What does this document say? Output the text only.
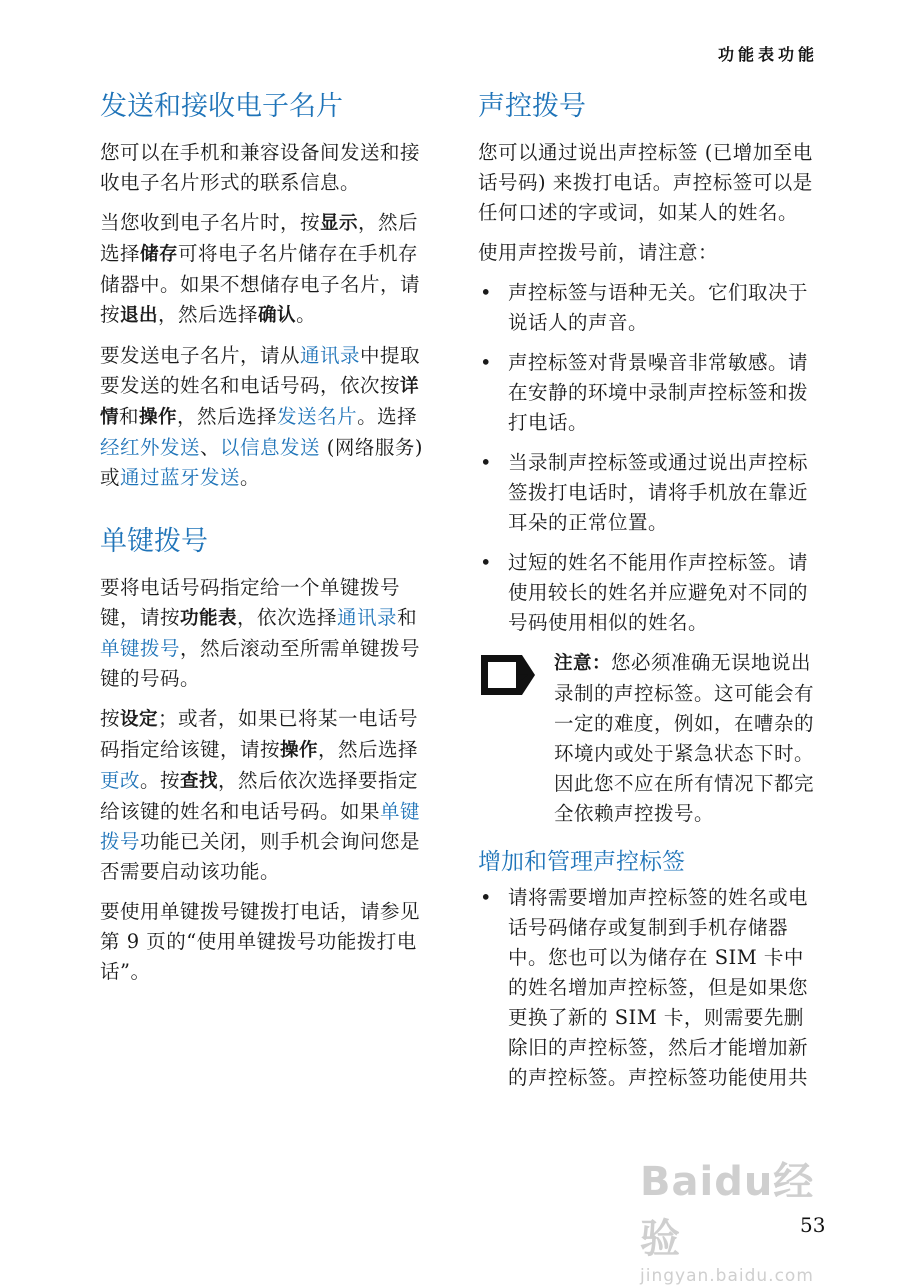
功能表功能
发送和接收电子名片

您可以在手机和兼容设备间发送和接收电子名片形式的联系信息。

当您收到电子名片时，按显示，然后选择储存可将电子名片储存在手机存储器中。如果不想储存电子名片，请按退出，然后选择确认。

要发送电子名片，请从通讯录中提取要发送的姓名和电话号码，依次按详情和操作，然后选择发送名片。选择经红外发送、以信息发送 (网络服务) 或通过蓝牙发送。

单键拨号

要将电话号码指定给一个单键拨号键，请按功能表，依次选择通讯录和单键拨号，然后滚动至所需单键拨号键的号码。

按设定；或者，如果已将某一电话号码指定给该键，请按操作，然后选择更改。按查找，然后依次选择要指定给该键的姓名和电话号码。如果单键拨号功能已关闭，则手机会询问您是否需要启动该功能。

要使用单键拨号键拨打电话，请参见第 9 页的“使用单键拨号功能拨打电话”。

声控拨号

您可以通过说出声控标签 (已增加至电话号码) 来拨打电话。声控标签可以是任何口述的字或词，如某人的姓名。

使用声控拨号前，请注意：

• 声控标签与语种无关。它们取决于说话人的声音。
• 声控标签对背景噪音非常敏感。请在安静的环境中录制声控标签和拨打电话。
• 当录制声控标签或通过说出声控标签拨打电话时，请将手机放在靠近耳朵的正常位置。
• 过短的姓名不能用作声控标签。请使用较长的姓名并应避免对不同的号码使用相似的姓名。

注意：您必须准确无误地说出录制的声控标签。这可能会有一定的难度，例如，在嘈杂的环境内或处于紧急状态下时。因此您不应在所有情况下都完全依赖声控拨号。

增加和管理声控标签
• 请将需要增加声控标签的姓名或电话号码储存或复制到手机存储器中。您也可以为储存在 SIM 卡中的姓名增加声控标签，但是如果您更换了新的 SIM 卡，则需要先删除旧的声控标签，然后才能增加新的声控标签。声控标签功能使用共
Baidu经验
jingyan.baidu.com
53
